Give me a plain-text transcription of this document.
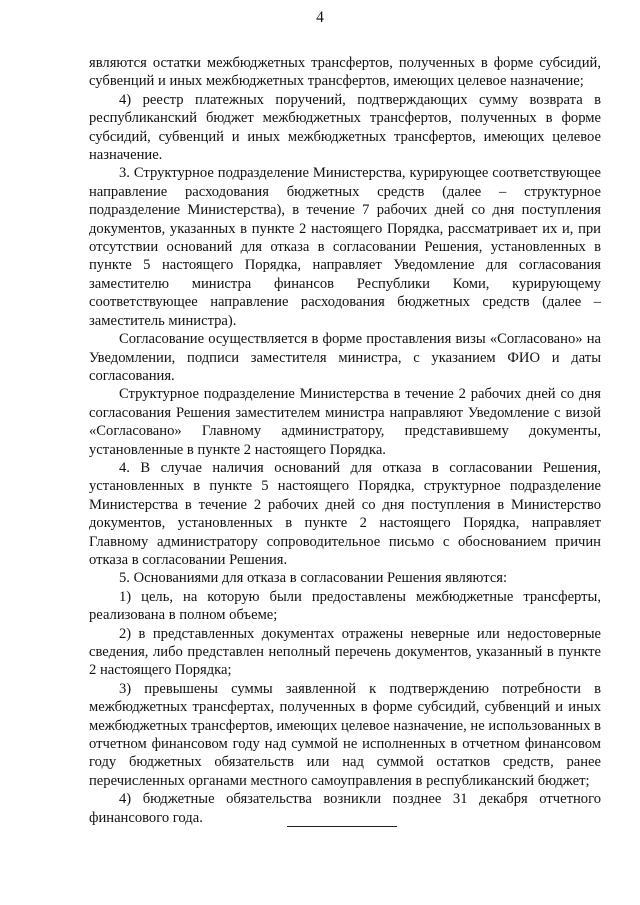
4

являются остатки межбюджетных трансфертов, полученных в форме субсидий, субвенций и иных межбюджетных трансфертов, имеющих целевое назначение;

4) реестр платежных поручений, подтверждающих сумму возврата в республиканский бюджет межбюджетных трансфертов, полученных в форме субсидий, субвенций и иных межбюджетных трансфертов, имеющих целевое назначение.

3. Структурное подразделение Министерства, курирующее соответствующее направление расходования бюджетных средств (далее – структурное подразделение Министерства), в течение 7 рабочих дней со дня поступления документов, указанных в пункте 2 настоящего Порядка, рассматривает их и, при отсутствии оснований для отказа в согласовании Решения, установленных в пункте 5 настоящего Порядка, направляет Уведомление для согласования заместителю министра финансов Республики Коми, курирующему соответствующее направление расходования бюджетных средств (далее – заместитель министра).

Согласование осуществляется в форме проставления визы «Согласовано» на Уведомлении, подписи заместителя министра, с указанием ФИО и даты согласования.

Структурное подразделение Министерства в течение 2 рабочих дней со дня согласования Решения заместителем министра направляют Уведомление с визой «Согласовано» Главному администратору, представившему документы, установленные в пункте 2 настоящего Порядка.

4. В случае наличия оснований для отказа в согласовании Решения, установленных в пункте 5 настоящего Порядка, структурное подразделение Министерства в течение 2 рабочих дней со дня поступления в Министерство документов, установленных в пункте 2 настоящего Порядка, направляет Главному администратору сопроводительное письмо с обоснованием причин отказа в согласовании Решения.

5. Основаниями для отказа в согласовании Решения являются:

1) цель, на которую были предоставлены межбюджетные трансферты, реализована в полном объеме;

2) в представленных документах отражены неверные или недостоверные сведения, либо представлен неполный перечень документов, указанный в пункте 2 настоящего Порядка;

3) превышены суммы заявленной к подтверждению потребности в межбюджетных трансфертах, полученных в форме субсидий, субвенций и иных межбюджетных трансфертов, имеющих целевое назначение, не использованных в отчетном финансовом году над суммой не исполненных в отчетном финансовом году бюджетных обязательств или над суммой остатков средств, ранее перечисленных органами местного самоуправления в республиканский бюджет;

4) бюджетные обязательства возникли позднее 31 декабря отчетного финансового года.
